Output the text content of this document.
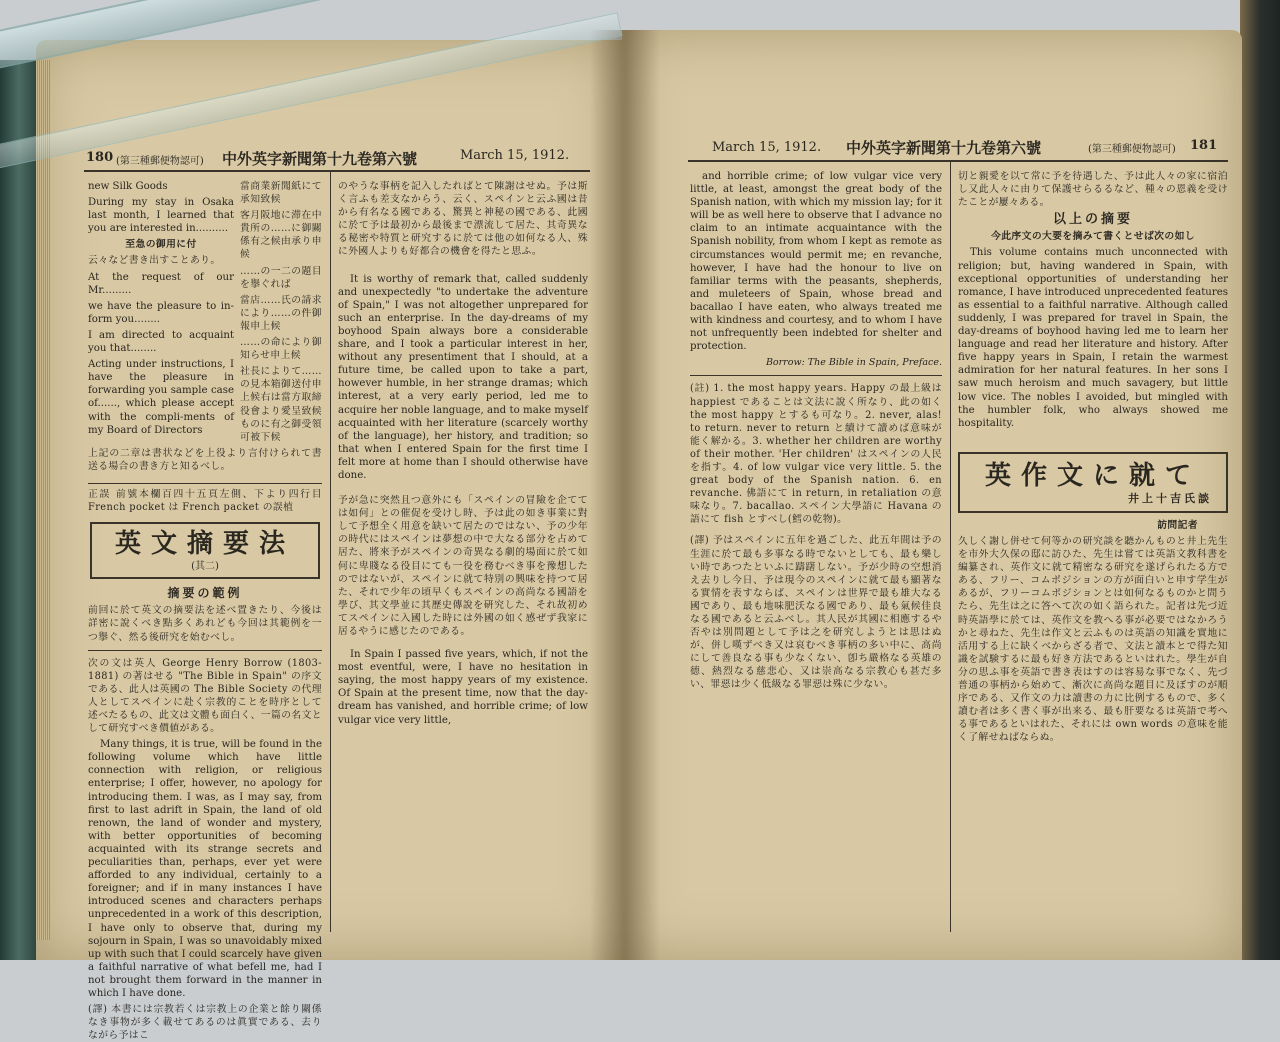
180 (第三種郵便物認可) 中外英字新聞第十九卷第六號	March 15, 1912.

new Silk Goods

During my stay in Osaka last month, I learned that you are interested in..........

至急の御用に付

云々など書き出すことあり。

At the request of our Mr.........

we have the pleasure to in-form you........

I am directed to acquaint you that........

Acting under instructions, I have the pleasure in forwarding you sample case of......, which please accept with the compli-ments of my Board of Directors

當商業新聞紙にて承知致候

客月阪地に滞在中貴所の……に御關係有之候由承り申候

……の一二の題目を擧ぐれば

當店……氏の請求により……の件御報申上候

……の命により御知らせ申上候

社長によりて……の見本箱御送付申上候右は當方取締役會より愛呈致候ものに有之御受領可被下候

上記の二章は書状などを上役より言付けられて書送る場合の書き方と知るべし。

正誤 前號本欄百四十五頁左側、下より四行目 French pocket は French packet の誤植

英文摘要法
(其二)
摘要の範例

前回に於て英文の摘要法を述べ置きたり、今後は詳密に說くべき點多くあれども今回は其範例を一つ擧ぐ、然る後研究を始むべし。

次の文は英人 George Henry Borrow (1803-1881) の著はせる "The Bible in Spain" の序文である、此人は英國の The Bible Society の代理人としてスペインに赴く宗教的ことを時序として述べたるもの、此文は文體も面白く、一篇の名文として研究すべき價値がある。

Many things, it is true, will be found in the following volume which have little connection with religion, or religious enterprise; I offer, however, no apology for introducing them. I was, as I may say, from first to last adrift in Spain, the land of old renown, the land of wonder and mystery, with better opportunities of becoming acquainted with its strange secrets and peculiarities than, perhaps, ever yet were afforded to any individual, certainly to a foreigner; and if in many instances I have introduced scenes and characters perhaps unprecedented in a work of this description, I have only to observe that, during my sojourn in Spain, I was so unavoidably mixed up with such that I could scarcely have given a faithful narrative of what befell me, had I not brought them forward in the manner in which I have done.

(譯) 本書には宗教若くは宗教上の企業と餘り關係なき事物が多く載せてあるのは眞實である、去りながら予はこ

のやうな事柄を記入したればとて陳謝はせぬ。予は斯く言ふも差支なからう、云く、スペインと云ふ國は昔から有名なる國である、驚異と神秘の國である、此國に於て予は最初から最後まで漂流して居た、其奇異なる秘密や特質と研究するに於ては他の如何なる人、殊に外國人よりも好都合の機會を得たと思ふ。

It is worthy of remark that, called suddenly and unexpectedly "to undertake the adventure of Spain," I was not altogether unprepared for such an enterprise. In the day-dreams of my boyhood Spain always bore a considerable share, and I took a particular interest in her, without any presentiment that I should, at a future time, be called upon to take a part, however humble, in her strange dramas; which interest, at a very early period, led me to acquire her noble language, and to make myself acquainted with her literature (scarcely worthy of the language), her history, and tradition; so that when I entered Spain for the first time I felt more at home than I should otherwise have done.

予が急に突然且つ意外にも「スペインの冒險を企てては如何」との催促を受けし時、予は此の如き事業に對して予想全く用意を缺いて居たのではない、予の少年の時代にはスペインは夢想の中で大なる部分を占めて居た、將來予がスペインの奇異なる劇的場面に於て如何に卑賤なる役目にても一役を務むべき事を豫想したのではないが、スペインに就て特別の興味を持つて居た、それで少年の頃早くもスペインの高尚なる國語を學び、其文學並に其歷史傳說を硏究した、それ故初めてスペインに入國した時には外國の如く感ぜず我家に居るやうに感じたのである。

In Spain I passed five years, which, if not the most eventful, were, I have no hesitation in saying, the most happy years of my existence. Of Spain at the present time, now that the day-dream has vanished, and horrible crime; of low vulgar vice very little,

March 15, 1912. 中外英字新聞第十九卷第六號	(第三種郵便物認可) 181

and horrible crime; of low vulgar vice very little, at least, amongst the great body of the Spanish nation, with which my mission lay; for it will be as well here to observe that I advance no claim to an intimate acquaintance with the Spanish nobility, from whom I kept as remote as circumstances would permit me; en revanche, however, I have had the honour to live on familiar terms with the peasants, shepherds, and muleteers of Spain, whose bread and bacallao I have eaten, who always treated me with kindness and courtesy, and to whom I have not unfrequently been indebted for shelter and protection.

Borrow: The Bible in Spain, Preface.

(註) 1. the most happy years. Happy の最上級は happiest であることは文法に說く所なり、此の如く the most happy とするも可なり。2. never, alas! to return. never to return と續けて讀めば意味が能く解かる。3. whether her children are worthy of their mother. 'Her children' はスペインの人民を指す。4. of low vulgar vice very little. 5. the great body of the Spanish nation. 6. en revanche. 佛語にて in return, in retaliation の意味なり。7. bacallao. スペイン大學語に Havana の語にて fish とすべし(鱈の乾物)。

(譯) 予はスペインに五年を過ごした、此五年間は予の生涯に於て最も多事なる時でないとしても、最も樂しい時であつたといふに躊躇しない。予が少時の空想消え去りし今日、予は現今のスペインに就て最も顯著なる實情を表すならば、スペインは世界で最も雄大なる國であり、最も地味肥沃なる國であり、最も氣候佳良なる國であると云ふべし。其人民が其國に相應するや否やは別問題として予は之を研究しようとは思はぬが、併し嘆ずべき又は哀むべき事柄の多い中に、高尚にして善良なる事も少なくない、卽ち嚴格なる英雄の德、熱烈なる慈悲心、又は崇高なる宗教心も甚だ多い、罪惡は少く低級なる罪惡は殊に少ない。

切と親愛を以て常に予を待遇した、予は此人々の家に宿泊し又此人々に由りて保護せらるるなど、種々の恩義を受けたことが屢々ある。

以上の摘要

今此序文の大要を摘みて書くとせば次の如し

This volume contains much unconnected with religion; but, having wandered in Spain, with exceptional opportunities of understanding her romance, I have introduced unprecedented features as essential to a faithful narrative. Although called suddenly, I was prepared for travel in Spain, the day-dreams of boyhood having led me to learn her language and read her literature and history. After five happy years in Spain, I retain the warmest admiration for her natural features. In her sons I saw much heroism and much savagery, but little low vice. The nobles I avoided, but mingled with the humbler folk, who always showed me hospitality.

英作文に就て
井上十吉氏談

訪問記者

久しく謝し併せて何等かの研究談を聽かんものと井上先生を市外大久保の邸に訪ひた、先生は嘗ては英語文教科書を編纂され、英作文に就て精密なる研究を遂げられたる方である、フリー、コムポジションの方が面白いと申す学生があるが、フリーコムポジションとは如何なるものかと問うたら、先生は之に答へて次の如く語られた。記者は先づ近時英語學に於ては、英作文を教へる事が必要ではなかろうかと尋ねた、先生は作文と云ふものは英語の知識を實地に活用する上に缺くべからざる者で、文法と讀本とで得た知識を試験するに最も好き方法であるといはれた。學生が自分の思ふ事を英語で書き表はすのは容易な事でなく、先づ普通の事柄から始めて、漸次に高尚な題目に及ぼすのが順序である、又作文の力は讀書の力に比例するもので、多く讀む者は多く書く事が出来る、最も肝要なるは英語で考へる事であるといはれた、それには own words の意味を能く了解せねばならぬ。
